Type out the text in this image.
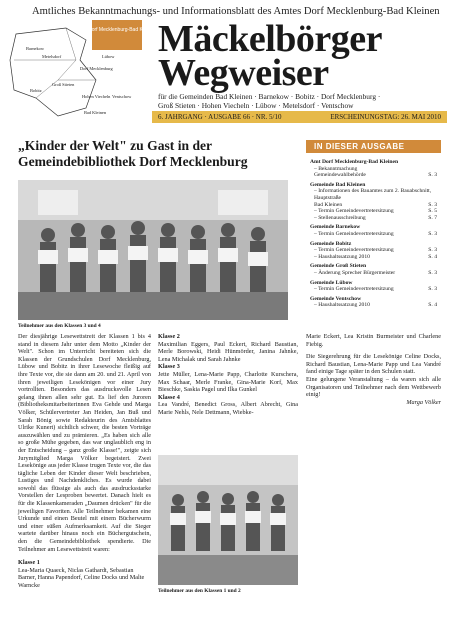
Amtliches Bekanntmachungs- und Informationsblatt des Amtes Dorf Mecklenburg-Bad Kleinen
Amt Dorf Mecklenburg-Bad Kleinen
Barnekow
Metelsdorf	Lübow
Dorf Mecklenburg
Groß Stieten
Bobitz
Hohen Viecheln Ventschow
Bad Kleinen
Mäckelbörger
Wegweiser
für die Gemeinden Bad Kleinen · Barnekow · Bobitz · Dorf Mecklenburg ·
Groß Stieten · Hohen Viecheln · Lübow · Metelsdorf · Ventschow
6. JAHRGANG · AUSGABE 66 · NR. 5/10	ERSCHEINUNGSTAG: 26. MAI 2010
„Kinder der Welt" zu Gast in der Gemeindebibliothek Dorf Mecklenburg
Teilnehmer aus den Klassen 3 und 4

Der diesjährige Lesewettstreit der Klassen 1 bis 4 stand in diesem Jahr unter dem Motto „Kinder der Welt". Schon im Unterricht bereiteten sich die Klassen der Grundschulen Dorf Mecklenburg, Lübow und Bobitz in ihrer Lesewoche fleißig auf ihre Texte vor, die sie dann am 20. und 21. April von ihren jeweiligen Lesekönigen vor einer Jury vortrollten. Besonders das ausdrucksvolle Lesen gelang ihnen allen sehr gut. Es lief den Juroren (Bibliotheksmitarbeiterinnen Eva Gehde und Marga Völker, Schülervertreter Jan Heiden, Jan Buß und Sarah Bönig sowie Redakteurin des Amtsblattes Ulrike Kunert) sichtlich schwer, die besten Vorträge auszuwählen und zu prämieren. „Es haben sich alle so große Mühe gegeben, das war unglaublich eng in der Entscheidung – ganz große Klasse!", zeigte sich Jurymitglied Marga Völker begeistert. Zwei Lesekönige aus jeder Klasse trugen Texte vor, die das tägliche Leben der Kinder dieser Welt beschrieben, Lustiges und Nachdenkliches. Es wurde dabei sowohl das flüssige als auch das ausdrucksstarke Vorstellen der Lesproben bewertet. Danach hielt es für die Klassenkameraden „Daumen drücken" für die jeweiligen Favoriten. Alle Teilnehmer bekamen eine Urkunde und einen Beutel mit einem Bücherwurm und einer süßen Aufmerksamkeit. Auf die Sieger wartete darüber hinaus noch ein Büchergutschein, den die Gemeindebibliothek spendierte. Die Teilnehmer am Lesewettstreit waren:

Klasse 1

Lea-Maria Quaeck, Niclas Gathardt, Sebastian Barner, Hanna Papendorf, Celine Docks und Malte Warncke

Klasse 2

Maximilian Eggers, Paul Eckert, Richard Baustian, Merle Borowski, Heidi Hünmörder, Janina Jahnke, Lena Michalak und Sarah Jahnke

Klasse 3

Jette Müller, Lena-Marie Papp, Charlotte Kurschera, Max Schaar, Merle Franke, Gina-Marie Korf, Max Bieschke, Saskia Pagel und Ilka Gunkel

Klasse 4

Lea Vandré, Benedict Gross, Albert Abrecht, Gina Marie Nehls, Nele Dettmann, Wiebke-

Teilnehmer aus den Klassen 1 und 2

Marie Eckert, Lea Kristin Burmeister und Charlene Fiebig.

Die Siegerehrung für die Lesekönige Celine Docks, Richard Baustian, Lena-Marie Papp und Lea Vandré fand einige Tage später in den Schulen statt.

Eine gelungene Veranstaltung – da waren sich alle Organisatoren und Teilnehmer nach dem Wettbewerb einig!

Marga Völker

IN DIESER AUSGABE
Amt Dorf Mecklenburg-Bad Kleinen
– Bekanntmachung
Gemeindewahlbehörde	S. 3
Gemeinde Bad Kleinen
– Informationen des Bauamtes zum 2. Bauabschnitt, Hauptstraße
Bad Kleinen	S. 3
– Termin Gemeindevertretersitzung	S. 5
– Stellenausschreibung	S. 7
Gemeinde Barnekow
– Termin Gemeindevertretersitzung	S. 3
Gemeinde Bobitz
– Termin Gemeindevertretersitzung	S. 3
– Haushaltssatzung 2010	S. 4
Gemeinde Groß Stieten
– Änderung Sprecher Bürgermeister	S. 3
Gemeinde Lübow
– Termin Gemeindevertretersitzung	S. 3
Gemeinde Ventschow
– Haushaltssatzung 2010	S. 4
